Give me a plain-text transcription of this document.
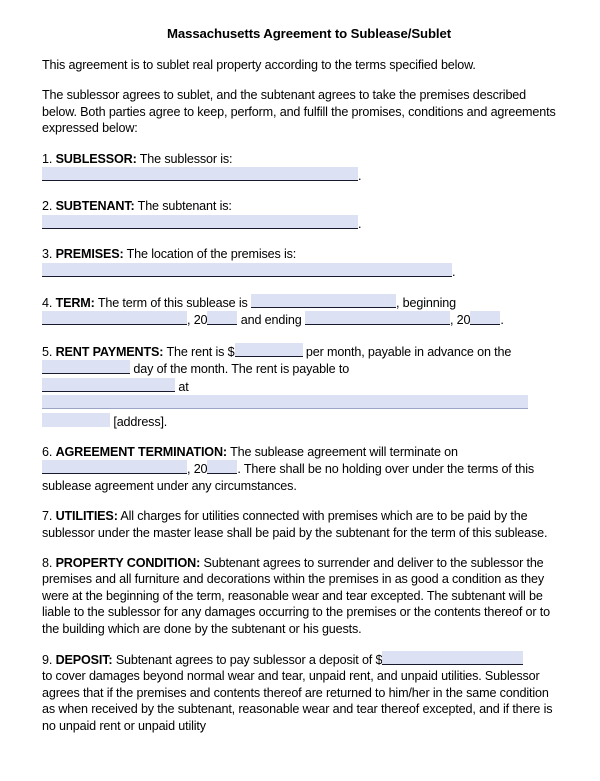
Massachusetts Agreement to Sublease/Sublet

This agreement is to sublet real property according to the terms specified below.

The sublessor agrees to sublet, and the subtenant agrees to take the premises described below. Both parties agree to keep, perform, and fulfill the promises, conditions and agreements expressed below:

1. SUBLESSOR: The sublessor is:
.
2. SUBTENANT: The subtenant is:
.
3. PREMISES: The location of the premises is:
.
4. TERM: The term of this sublease is	, beginning
, 20	and ending	, 20 .
5. RENT PAYMENTS: The rent is $	per month, payable in advance on the  day of the month. The rent is payable to
at
[address].
6. AGREEMENT TERMINATION: The sublease agreement will terminate on
, 20 . There shall be no holding over under the terms of this sublease agreement under any circumstances.

7. UTILITIES: All charges for utilities connected with premises which are to be paid by the sublessor under the master lease shall be paid by the subtenant for the term of this sublease.

8. PROPERTY CONDITION: Subtenant agrees to surrender and deliver to the sublessor the premises and all furniture and decorations within the premises in as good a condition as they were at the beginning of the term, reasonable wear and tear excepted. The subtenant will be liable to the sublessor for any damages occurring to the premises or the contents thereof or to the building which are done by the subtenant or his guests.

9. DEPOSIT: Subtenant agrees to pay sublessor a deposit of $
to cover damages beyond normal wear and tear, unpaid rent, and unpaid utilities. Sublessor agrees that if the premises and contents thereof are returned to him/her in the same condition as when received by the subtenant, reasonable wear and tear thereof excepted, and if there is no unpaid rent or unpaid utility
